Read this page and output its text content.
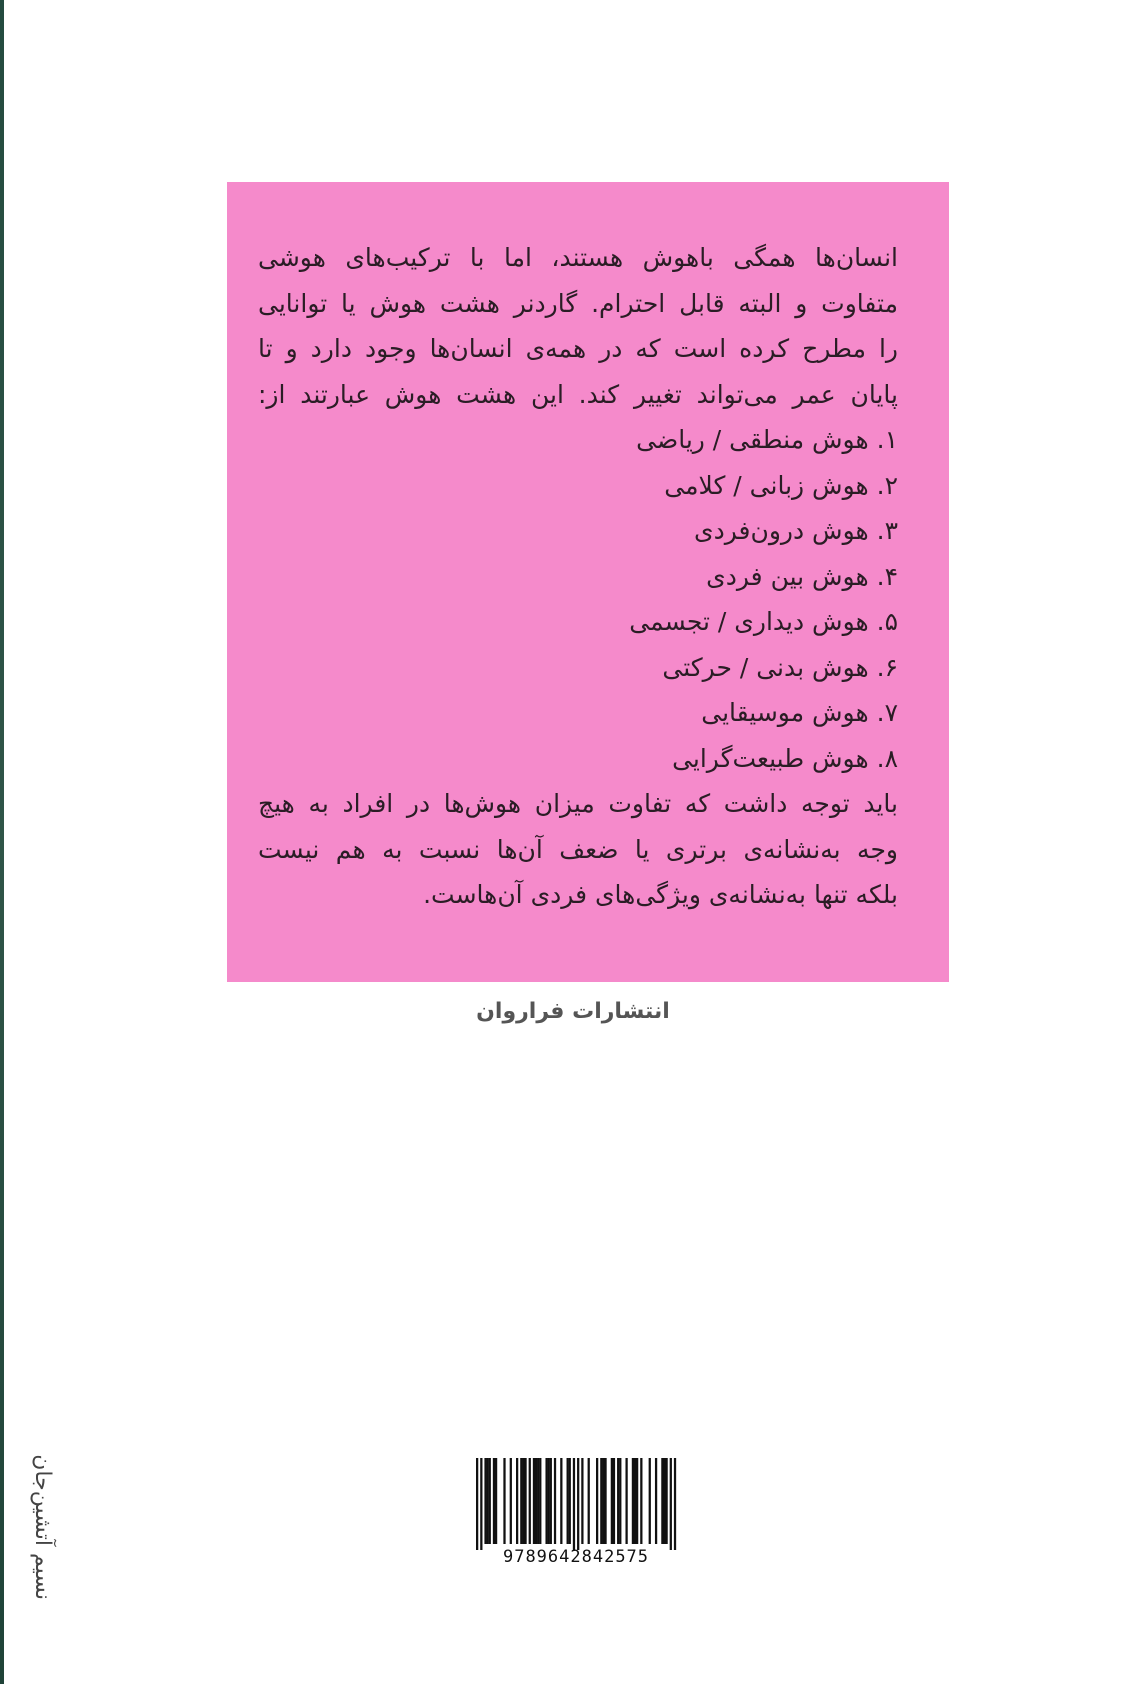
انسان‌ها همگی باهوش هستند، اما با ترکیب‌های هوشی

متفاوت و البته قابل احترام. گاردنر هشت هوش یا توانایی

را مطرح کرده است که در همه‌ی انسان‌ها وجود دارد و تا

پایان عمر می‌تواند تغییر کند. این هشت هوش عبارتند از:

۱. هوش منطقی / ریاضی
۲. هوش زبانی / کلامی
۳. هوش درون‌فردی
۴. هوش بین فردی
۵. هوش دیداری / تجسمی
۶. هوش بدنی / حرکتی
۷. هوش موسیقایی
۸. هوش طبیعت‌گرایی

باید توجه داشت که تفاوت میزان هوش‌ها در افراد به هیچ

وجه به‌نشانه‌ی برتری یا ضعف آن‌ها نسبت به هم نیست

بلکه تنها به‌نشانه‌ی ویژگی‌های فردی آن‌هاست.

انتشارات فراروان
نسیم آتشین‌جان	9789642842575
